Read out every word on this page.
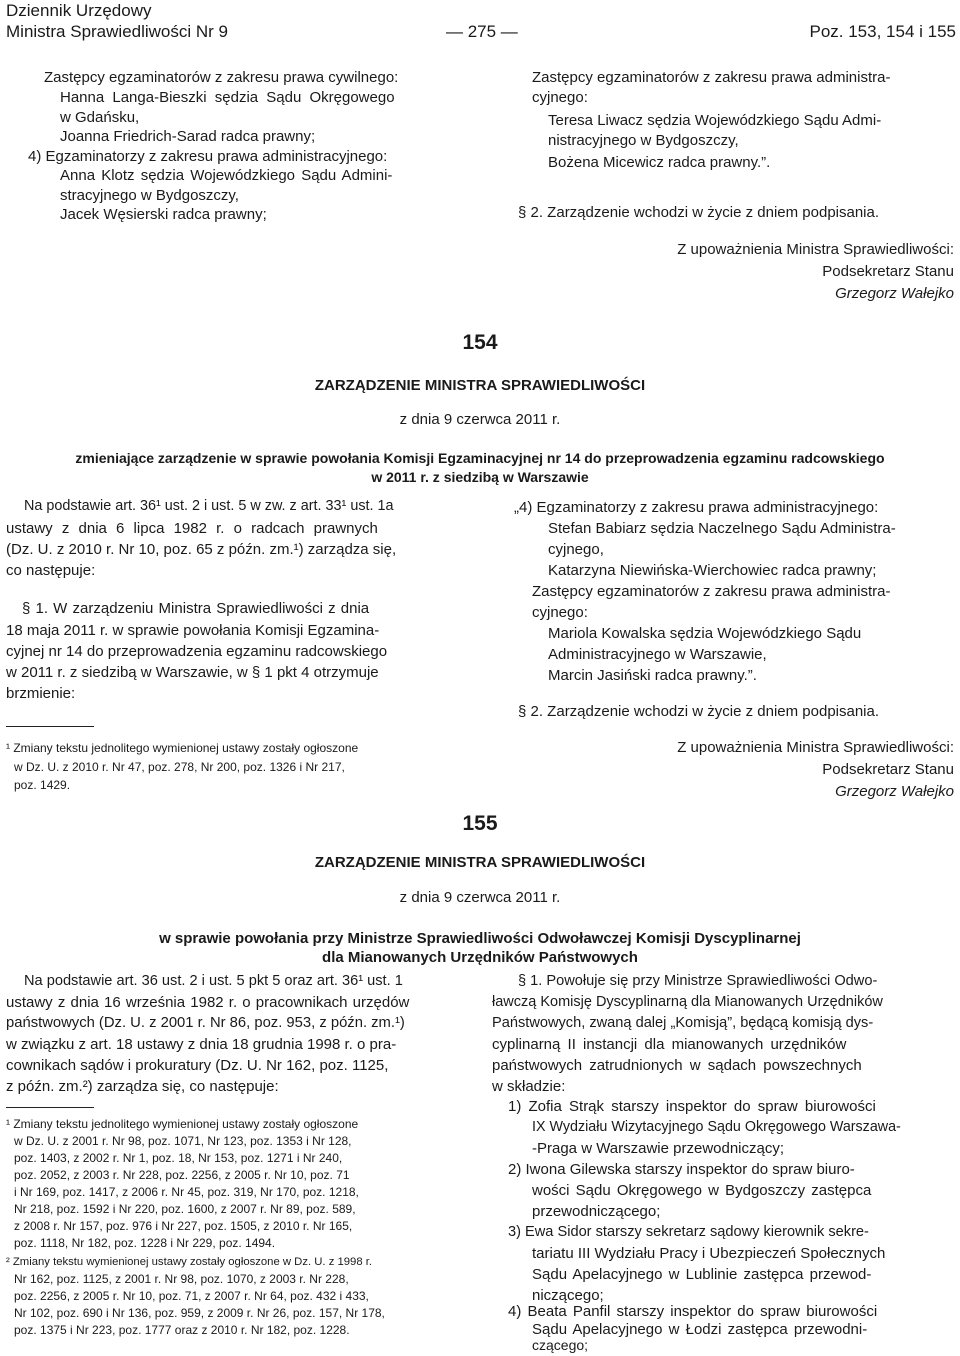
Dziennik Urzędowy
Ministra Sprawiedliwości Nr 9	— 275 —	Poz. 153, 154 i 155
Zastępcy egzaminatorów z zakresu prawa cywilnego:
Hanna Langa-Bieszki sędzia Sądu Okręgowego
w Gdańsku,
Joanna Friedrich-Sarad radca prawny;
4) Egzaminatorzy z zakresu prawa administracyjnego:
Anna Klotz sędzia Wojewódzkiego Sądu Admini-
stracyjnego w Bydgoszczy,
Jacek Węsierski radca prawny;
Zastępcy egzaminatorów z zakresu prawa administra-
cyjnego:
Teresa Liwacz sędzia Wojewódzkiego Sądu Admi-
nistracyjnego w Bydgoszczy,
Bożena Micewicz radca prawny.”.
§ 2. Zarządzenie wchodzi w życie z dniem podpisania.
Z upoważnienia Ministra Sprawiedliwości:
Podsekretarz Stanu
Grzegorz Wałejko
154
ZARZĄDZENIE MINISTRA SPRAWIEDLIWOŚCI
z dnia 9 czerwca 2011 r.
zmieniające zarządzenie w sprawie powołania Komisji Egzaminacyjnej nr 14 do przeprowadzenia egzaminu radcowskiego
w 2011 r. z siedzibą w Warszawie
Na podstawie art. 36¹ ust. 2 i ust. 5 w zw. z art. 33¹ ust. 1a
ustawy z dnia 6 lipca 1982 r. o radcach prawnych
(Dz. U. z 2010 r. Nr 10, poz. 65 z późn. zm.¹) zarządza się,
co następuje:
§ 1. W zarządzeniu Ministra Sprawiedliwości z dnia
18 maja 2011 r. w sprawie powołania Komisji Egzamina-
cyjnej nr 14 do przeprowadzenia egzaminu radcowskiego
w 2011 r. z siedzibą w Warszawie, w § 1 pkt 4 otrzymuje
brzmienie:
¹ Zmiany tekstu jednolitego wymienionej ustawy zostały ogłoszone
w Dz. U. z 2010 r. Nr 47, poz. 278, Nr 200, poz. 1326 i Nr 217,
poz. 1429.
„4) Egzaminatorzy z zakresu prawa administracyjnego:
Stefan Babiarz sędzia Naczelnego Sądu Administra-
cyjnego,
Katarzyna Niewińska-Wierchowiec radca prawny;
Zastępcy egzaminatorów z zakresu prawa administra-
cyjnego:
Mariola Kowalska sędzia Wojewódzkiego Sądu
Administracyjnego w Warszawie,
Marcin Jasiński radca prawny.”.
§ 2. Zarządzenie wchodzi w życie z dniem podpisania.
Z upoważnienia Ministra Sprawiedliwości:
Podsekretarz Stanu
Grzegorz Wałejko
155
ZARZĄDZENIE MINISTRA SPRAWIEDLIWOŚCI
z dnia 9 czerwca 2011 r.
w sprawie powołania przy Ministrze Sprawiedliwości Odwoławczej Komisji Dyscyplinarnej
dla Mianowanych Urzędników Państwowych
Na podstawie art. 36 ust. 2 i ust. 5 pkt 5 oraz art. 36¹ ust. 1
ustawy z dnia 16 września 1982 r. o pracownikach urzędów
państwowych (Dz. U. z 2001 r. Nr 86, poz. 953, z późn. zm.¹)
w związku z art. 18 ustawy z dnia 18 grudnia 1998 r. o pra-
cownikach sądów i prokuratury (Dz. U. Nr 162, poz. 1125,
z późn. zm.²) zarządza się, co następuje:
¹ Zmiany tekstu jednolitego wymienionej ustawy zostały ogłoszone
w Dz. U. z 2001 r. Nr 98, poz. 1071, Nr 123, poz. 1353 i Nr 128,
poz. 1403, z 2002 r. Nr 1, poz. 18, Nr 153, poz. 1271 i Nr 240,
poz. 2052, z 2003 r. Nr 228, poz. 2256, z 2005 r. Nr 10, poz. 71
i Nr 169, poz. 1417, z 2006 r. Nr 45, poz. 319, Nr 170, poz. 1218,
Nr 218, poz. 1592 i Nr 220, poz. 1600, z 2007 r. Nr 89, poz. 589,
z 2008 r. Nr 157, poz. 976 i Nr 227, poz. 1505, z 2010 r. Nr 165,
poz. 1118, Nr 182, poz. 1228 i Nr 229, poz. 1494.
² Zmiany tekstu wymienionej ustawy zostały ogłoszone w Dz. U. z 1998 r.
Nr 162, poz. 1125, z 2001 r. Nr 98, poz. 1070, z 2003 r. Nr 228,
poz. 2256, z 2005 r. Nr 10, poz. 71, z 2007 r. Nr 64, poz. 432 i 433,
Nr 102, poz. 690 i Nr 136, poz. 959, z 2009 r. Nr 26, poz. 157, Nr 178,
poz. 1375 i Nr 223, poz. 1777 oraz z 2010 r. Nr 182, poz. 1228.
§ 1. Powołuje się przy Ministrze Sprawiedliwości Odwo-
ławczą Komisję Dyscyplinarną dla Mianowanych Urzędników
Państwowych, zwaną dalej „Komisją”, będącą komisją dys-
cyplinarną II instancji dla mianowanych urzędników
państwowych zatrudnionych w sądach powszechnych
w składzie:
1) Zofia Strąk starszy inspektor do spraw biurowości
IX Wydziału Wizytacyjnego Sądu Okręgowego Warszawa-
-Praga w Warszawie przewodniczący;
2) Iwona Gilewska starszy inspektor do spraw biuro-
wości Sądu Okręgowego w Bydgoszczy zastępca
przewodniczącego;
3) Ewa Sidor starszy sekretarz sądowy kierownik sekre-
tariatu III Wydziału Pracy i Ubezpieczeń Społecznych
Sądu Apelacyjnego w Lublinie zastępca przewod-
niczącego;
4) Beata Panfil starszy inspektor do spraw biurowości
Sądu Apelacyjnego w Łodzi zastępca przewodni-
czącego;
